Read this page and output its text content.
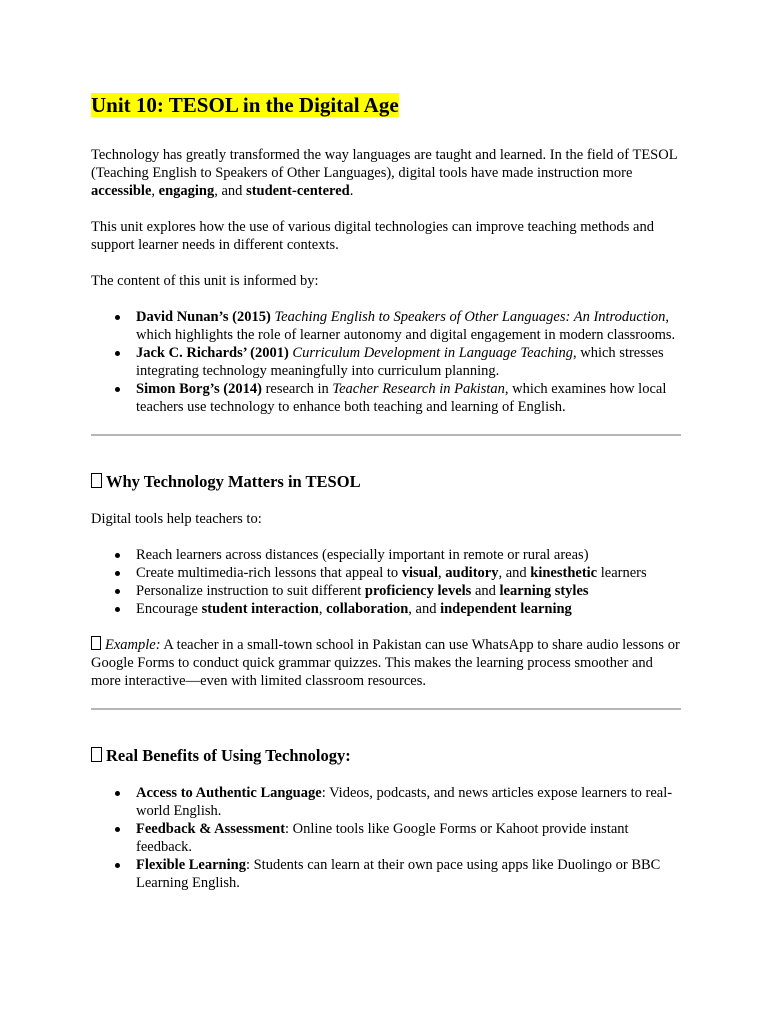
Unit 10: TESOL in the Digital Age

Technology has greatly transformed the way languages are taught and learned. In the field of TESOL (Teaching English to Speakers of Other Languages), digital tools have made instruction more accessible, engaging, and student-centered.

This unit explores how the use of various digital technologies can improve teaching methods and support learner needs in different contexts.

The content of this unit is informed by:

David Nunan’s (2015) Teaching English to Speakers of Other Languages: An Introduction, which highlights the role of learner autonomy and digital engagement in modern classrooms.
Jack C. Richards’ (2001) Curriculum Development in Language Teaching, which stresses integrating technology meaningfully into curriculum planning.
Simon Borg’s (2014) research in Teacher Research in Pakistan, which examines how local teachers use technology to enhance both teaching and learning of English.
Why Technology Matters in TESOL

Digital tools help teachers to:

Reach learners across distances (especially important in remote or rural areas)
Create multimedia-rich lessons that appeal to visual, auditory, and kinesthetic learners
Personalize instruction to suit different proficiency levels and learning styles
Encourage student interaction, collaboration, and independent learning

Example: A teacher in a small-town school in Pakistan can use WhatsApp to share audio lessons or Google Forms to conduct quick grammar quizzes. This makes the learning process smoother and more interactive—even with limited classroom resources.

Real Benefits of Using Technology:
Access to Authentic Language: Videos, podcasts, and news articles expose learners to real-world English.
Feedback & Assessment: Online tools like Google Forms or Kahoot provide instant feedback.
Flexible Learning: Students can learn at their own pace using apps like Duolingo or BBC Learning English.
